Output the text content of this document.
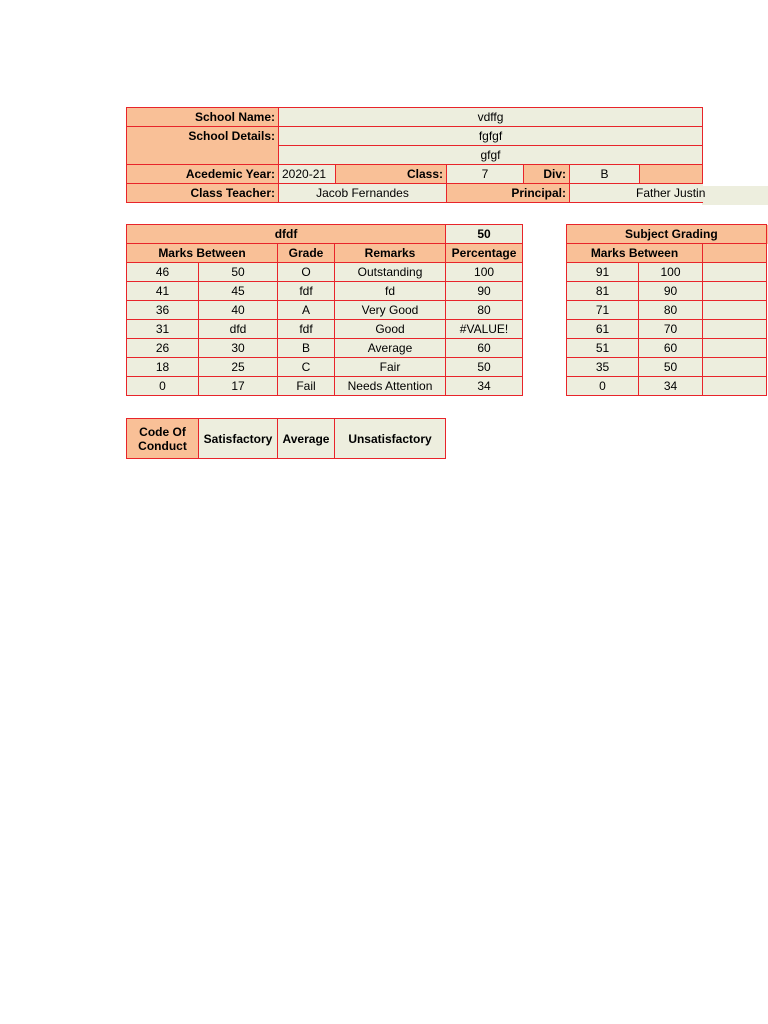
School Name:	vdffg					
School Details:	fgfgf					
	gfgf					
Acedemic Year:	2020-21	Class:	7	Div:	B	
Class Teacher:	Jacob Fernandes		Principal:		Father Justin	
dfdf				50
Marks Between		Grade	Remarks	Percentage
46	50	O	Outstanding	100
41	45	fdf	fd	90
36	40	A	Very Good	80
31	dfd	fdf	Good	#VALUE!
26	30	B	Average	60
18	25	C	Fair	50
0	17	Fail	Needs Attention	34
Subject Grading		
Marks Between		
91	100	
81	90	
71	80	
61	70	
51	60	
35	50	
0	34	
Code Of Conduct	Satisfactory	Average	Unsatisfactory
